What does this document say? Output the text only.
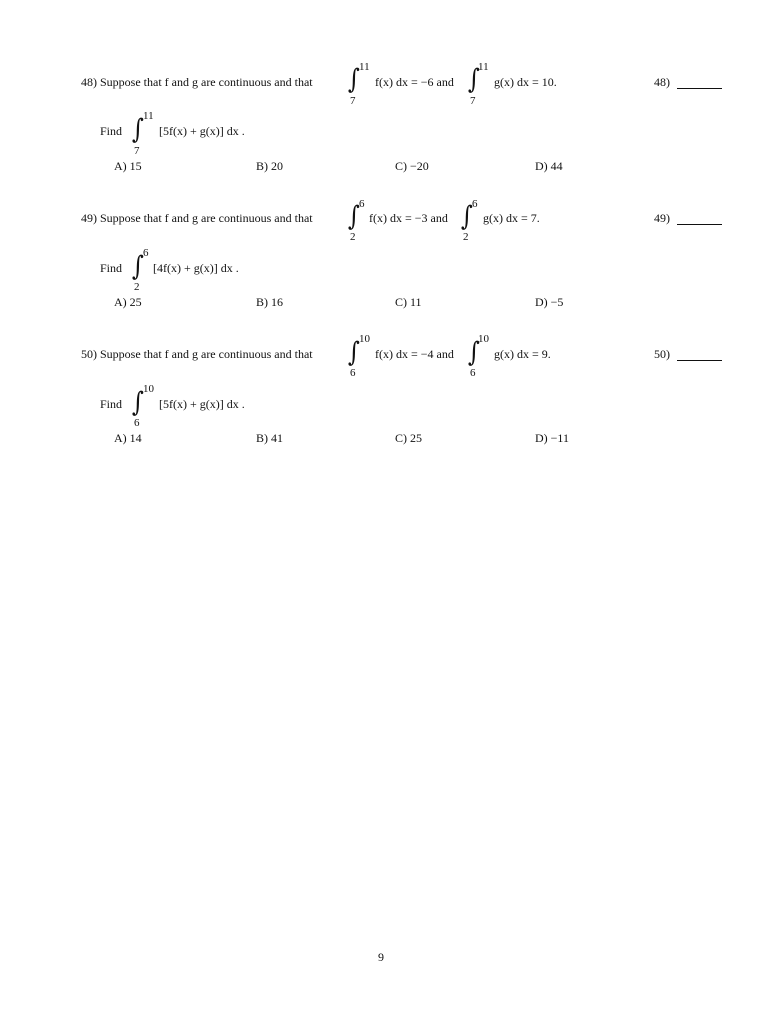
48) Suppose that f and g are continuous and that ∫
11
7
f(x) dx = −6 and ∫
11
7
g(x) dx = 10.	48)
Find ∫
11
7
[5f(x) + g(x)] dx .
A) 15	B) 20	C) −20	D) 44
49) Suppose that f and g are continuous and that ∫
6
2
f(x) dx = −3 and ∫
6
2
g(x) dx = 7.	49)
Find ∫
6
2
[4f(x) + g(x)] dx .
A) 25	B) 16	C) 11	D) −5
50) Suppose that f and g are continuous and that ∫
10
6
f(x) dx = −4 and ∫
10
6
g(x) dx = 9.	50)
Find ∫
10
6
[5f(x) + g(x)] dx .
A) 14	B) 41	C) 25	D) −11
9
